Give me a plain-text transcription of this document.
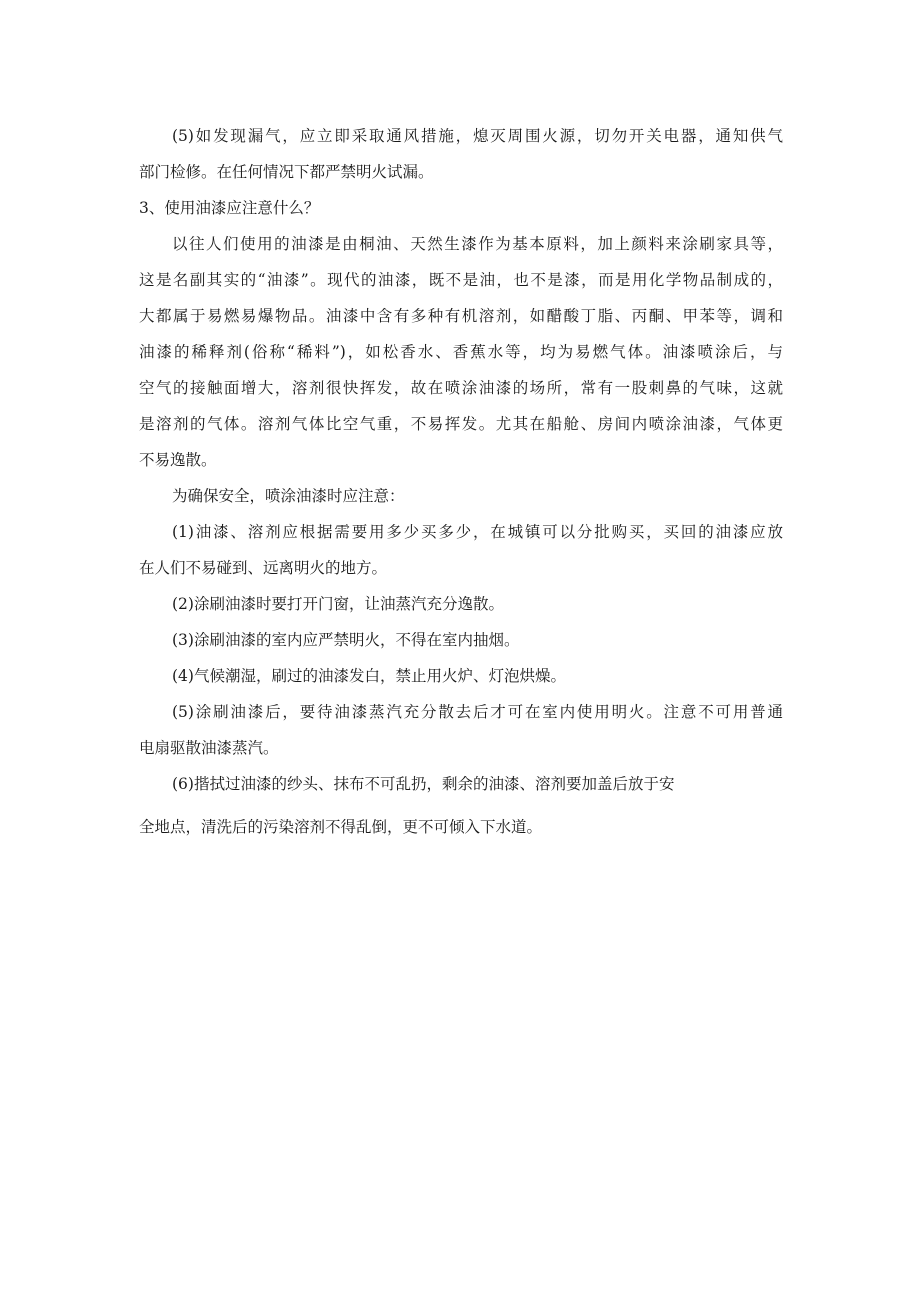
(5)如发现漏气，应立即采取通风措施，熄灭周围火源，切勿开关电器，通知供气
部门检修。在任何情况下都严禁明火试漏。
3、使用油漆应注意什么？
以往人们使用的油漆是由桐油、天然生漆作为基本原料，加上颜料来涂刷家具等，
这是名副其实的“油漆”。现代的油漆，既不是油，也不是漆，而是用化学物品制成的，
大都属于易燃易爆物品。油漆中含有多种有机溶剂，如醋酸丁脂、丙酮、甲苯等，调和
油漆的稀释剂(俗称“稀料”)，如松香水、香蕉水等，均为易燃气体。油漆喷涂后，与
空气的接触面增大，溶剂很快挥发，故在喷涂油漆的场所，常有一股刺鼻的气味，这就
是溶剂的气体。溶剂气体比空气重，不易挥发。尤其在船舱、房间内喷涂油漆，气体更
不易逸散。
为确保安全，喷涂油漆时应注意：
(1)油漆、溶剂应根据需要用多少买多少，在城镇可以分批购买，买回的油漆应放
在人们不易碰到、远离明火的地方。
(2)涂刷油漆时要打开门窗，让油蒸汽充分逸散。
(3)涂刷油漆的室内应严禁明火，不得在室内抽烟。
(4)气候潮湿，刷过的油漆发白，禁止用火炉、灯泡烘燥。
(5)涂刷油漆后，要待油漆蒸汽充分散去后才可在室内使用明火。注意不可用普通
电扇驱散油漆蒸汽。
(6)揩拭过油漆的纱头、抹布不可乱扔，剩余的油漆、溶剂要加盖后放于安
全地点，清洗后的污染溶剂不得乱倒，更不可倾入下水道。
